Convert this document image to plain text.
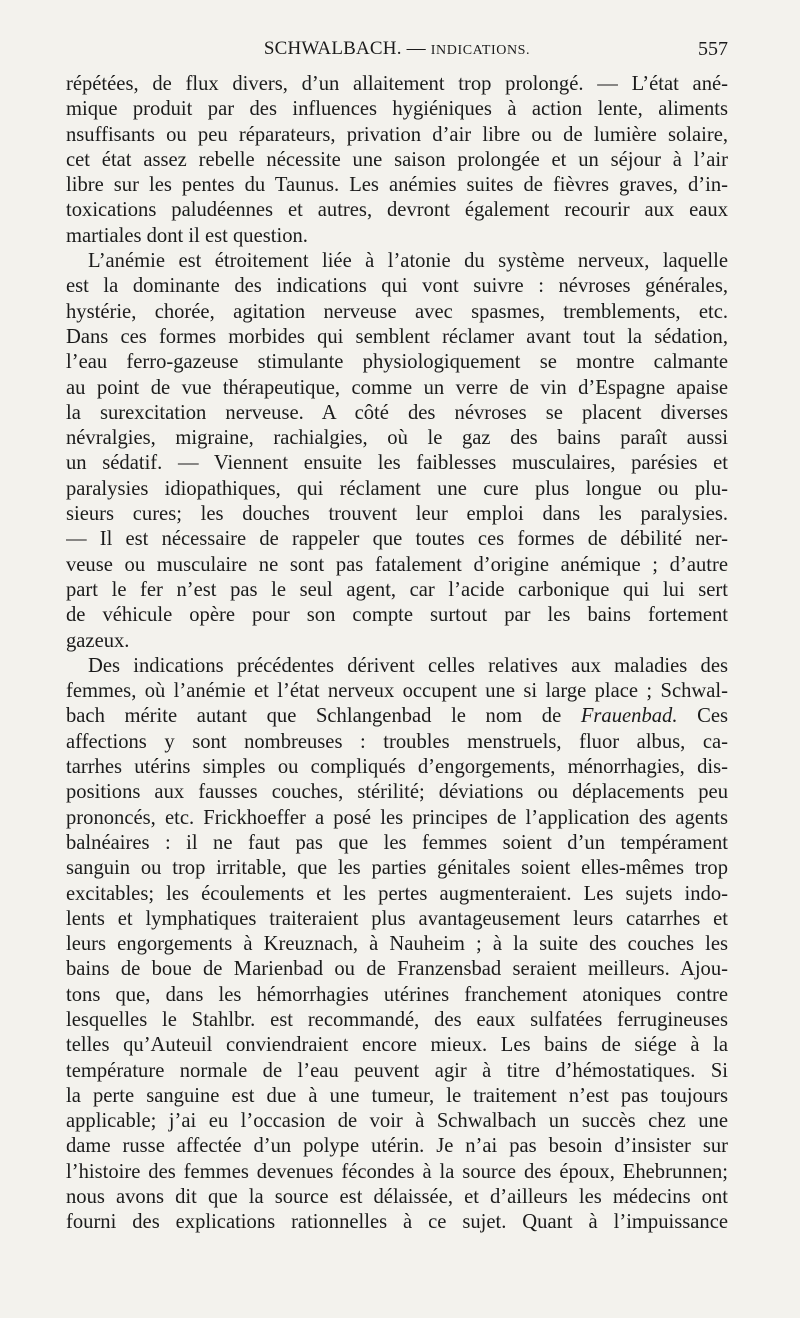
SCHWALBACH. — INDICATIONS.	557
répétées, de flux divers, d’un allaitement trop prolongé. — L’état ané-
mique produit par des influences hygiéniques à action lente, aliments
nsuffisants ou peu réparateurs, privation d’air libre ou de lumière solaire,
cet état assez rebelle nécessite une saison prolongée et un séjour à l’air
libre sur les pentes du Taunus. Les anémies suites de fièvres graves, d’in-
toxications paludéennes et autres, devront également recourir aux eaux
martiales dont il est question.
L’anémie est étroitement liée à l’atonie du système nerveux, laquelle
est la dominante des indications qui vont suivre : névroses générales,
hystérie, chorée, agitation nerveuse avec spasmes, tremblements, etc.
Dans ces formes morbides qui semblent réclamer avant tout la sédation,
l’eau ferro-gazeuse stimulante physiologiquement se montre calmante
au point de vue thérapeutique, comme un verre de vin d’Espagne apaise
la surexcitation nerveuse. A côté des névroses se placent diverses
névralgies, migraine, rachialgies, où le gaz des bains paraît aussi
un sédatif. — Viennent ensuite les faiblesses musculaires, parésies et
paralysies idiopathiques, qui réclament une cure plus longue ou plu-
sieurs cures; les douches trouvent leur emploi dans les paralysies.
— Il est nécessaire de rappeler que toutes ces formes de débilité ner-
veuse ou musculaire ne sont pas fatalement d’origine anémique ; d’autre
part le fer n’est pas le seul agent, car l’acide carbonique qui lui sert
de véhicule opère pour son compte surtout par les bains fortement
gazeux.
Des indications précédentes dérivent celles relatives aux maladies des
femmes, où l’anémie et l’état nerveux occupent une si large place ; Schwal-
bach mérite autant que Schlangenbad le nom de Frauenbad. Ces
affections y sont nombreuses : troubles menstruels, fluor albus, ca-
tarrhes utérins simples ou compliqués d’engorgements, ménorrhagies, dis-
positions aux fausses couches, stérilité; déviations ou déplacements peu
prononcés, etc. Frickhoeffer a posé les principes de l’application des agents
balnéaires : il ne faut pas que les femmes soient d’un tempérament
sanguin ou trop irritable, que les parties génitales soient elles-mêmes trop
excitables; les écoulements et les pertes augmenteraient. Les sujets indo-
lents et lymphatiques traiteraient plus avantageusement leurs catarrhes et
leurs engorgements à Kreuznach, à Nauheim ; à la suite des couches les
bains de boue de Marienbad ou de Franzensbad seraient meilleurs. Ajou-
tons que, dans les hémorrhagies utérines franchement atoniques contre
lesquelles le Stahlbr. est recommandé, des eaux sulfatées ferrugineuses
telles qu’Auteuil conviendraient encore mieux. Les bains de siége à la
température normale de l’eau peuvent agir à titre d’hémostatiques. Si
la perte sanguine est due à une tumeur, le traitement n’est pas toujours
applicable; j’ai eu l’occasion de voir à Schwalbach un succès chez une
dame russe affectée d’un polype utérin. Je n’ai pas besoin d’insister sur
l’histoire des femmes devenues fécondes à la source des époux, Ehebrunnen;
nous avons dit que la source est délaissée, et d’ailleurs les médecins ont
fourni des explications rationnelles à ce sujet. Quant à l’impuissance
